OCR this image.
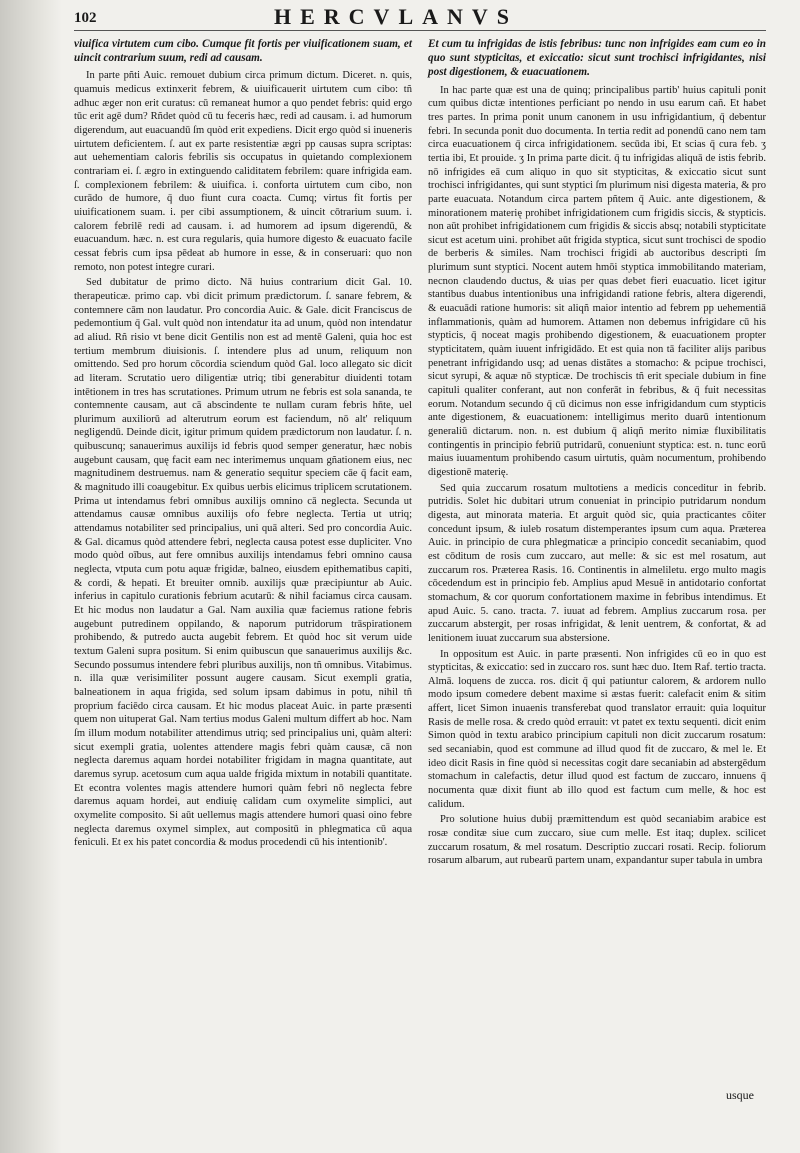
102	HERCVLANVS

viuifica virtutem cum cibo. Cumque fit fortis per viuificationem suam, et uincit contrarium suum, redi ad causam.

In parte pñti Auic. remouet dubium circa primum dictum. Diceret. n. quis, quamuis medicus extinxerit febrem, & uiuificauerit uirtutem cum cibo: tñ adhuc æger non erit curatus: cū remaneat humor a quo pendet febris: quid ergo tūc erit agē dum? Rñdet quòd cū tu feceris hæc, redi ad causam. i. ad humorum digerendum, aut euacuandū ſm quòd erit expediens. Dicit ergo quòd si inueneris uirtutem deficientem. ſ. aut ex parte resistentiæ ægri pp causas supra scriptas: aut uehementiam caloris febrilis sis occupatus in quietando complexionem contrariam ei. ſ. ægro in extinguendo caliditatem febrilem: quare infrigida eam. ſ. complexionem febrilem: & uiuifica. i. conforta uirtutem cum cibo, non curādo de humore, q̄ duo fiunt cura coacta. Cumq; virtus fit fortis per uiuificationem suam. i. per cibi assumptionem, & uincit cōtrarium suum. i. calorem febrilē redi ad causam. i. ad humorem ad ipsum digerendū, & euacuandum. hæc. n. est cura regularis, quia humore digesto & euacuato facile cessat febris cum ipsa pēdeat ab humore in esse, & in conseruari: quo non remoto, non potest integre curari.

Sed dubitatur de primo dicto. Nā huius contrarium dicit Gal. 10. therapeuticæ. primo cap. vbi dicit primum prædictorum. ſ. sanare febrem, & contemnere cām non laudatur. Pro concordia Auic. & Gale. dicit Franciscus de pedemontium q̄ Gal. vult quòd non intendatur ita ad unum, quòd non intendatur ad aliud. Rñ risio vt bene dicit Gentilis non est ad mentē Galeni, quia hoc est tertium membrum diuisionis. ſ. intendere plus ad unum, reliquum non omittendo. Sed pro horum cōcordia sciendum quòd Gal. loco allegato sic dicit ad literam. Scrutatio uero diligentiæ utriq; tibi generabitur diuidenti totam intētionem in tres has scrutationes. Primum utrum ne febris est sola sananda, te contemnente causam, aut cā abscindente te nullam curam febris hn̄te, uel plurimum auxiliorū ad alterutrum eorum est faciendum, nō alt' reliquum negligendū. Deinde dicit, igitur primum quidem prædictorum non laudatur. ſ. n. quibuscunq; sanauerimus auxilijs id febris quod semper generatur, hæc nobis augebunt causam, quę facit eam nec interimemus unquam gñationem eius, nec magnitudinem destruemus. nam & generatio sequitur speciem cāe q̄ facit eam, & magnitudo illi coaugebitur. Ex quibus uerbis elicimus triplicem scrutationem. Prima ut intendamus febri omnibus auxilijs omnino cā neglecta. Secunda ut attendamus causæ omnibus auxilijs ofo febre neglecta. Tertia ut utriq; attendamus notabiliter sed principalius, uni quā alteri. Sed pro concordia Auic. & Gal. dicamus quòd attendere febri, neglecta causa potest esse dupliciter. Vno modo quòd oībus, aut fere omnibus auxilijs intendamus febri omnino causa neglecta, vtputa cum potu aquæ frigidæ, balneo, eiusdem epithematibus capiti, & cordi, & hepati. Et breuiter omnib. auxilijs quæ præcipiuntur ab Auic. inferius in capitulo curationis febrium acutarū: & nihil faciamus circa causam. Et hic modus non laudatur a Gal. Nam auxilia quæ faciemus ratione febris augebunt putredinem oppilando, & naporum putridorum trāspirationem prohibendo, & putredo aucta augebit febrem. Et quòd hoc sit verum uide textum Galeni supra positum. Si enim quibuscun que sanauerimus auxilijs &c. Secundo possumus intendere febri pluribus auxilijs, non tñ omnibus. Vitabimus. n. illa quæ verisimiliter possunt augere causam. Sicut exempli gratia, balneationem in aqua frigida, sed solum ipsam dabimus in potu, nihil tñ proprium faciēdo circa causam. Et hic modus placeat Auic. in parte præsenti quem non uituperat Gal. Nam tertius modus Galeni multum differt ab hoc. Nam ſm illum modum notabiliter attendimus utriq; sed principalius uni, quàm alteri: sicut exempli gratia, uolentes attendere magis febri quàm causæ, cā non neglecta daremus aquam hordei notabiliter frigidam in magna quantitate, aut daremus syrup. acetosum cum aqua ualde frigida mixtum in notabili quantitate. Et econtra volentes magis attendere humori quàm febri nō neglecta febre daremus aquam hordei, aut endiuię calidam cum oxymelite simplici, aut oxymelite composito. Si aūt uellemus magis attendere humori quasi oino febre neglecta daremus oxymel simplex, aut compositū in phlegmatica cū aqua feniculi. Et ex his patet concordia & modus procedendi cū his intentionib'.

Et cum tu infrigidas de istis febribus: tunc non infrigides eam cum eo in quo sunt stypticitas, et exiccatio: sicut sunt trochisci infrigidantes, nisi post digestionem, & euacuationem.

In hac parte quæ est una de quinq; principalibus partib' huius capituli ponit cum quibus dictæ intentiones perficiant po nendo in usu earum cañ. Et habet tres partes. In prima ponit unum canonem in usu infrigidantium, q̄ debentur febri. In secunda ponit duo documenta. In tertia redit ad ponendū cano nem tam circa euacuationem q̄ circa infrigidationem. secūda ibi, Et scias q̄ cura feb. ʒ tertia ibi, Et prouide. ʒ In prima parte dicit. q̄ tu infrigidas aliquā de istis febrib. nō infrigides eā cum aliquo in quo sit stypticitas, & exiccatio sicut sunt trochisci infrigidantes, qui sunt styptici ſm plurimum nisi digesta materia, & pro parte euacuata. Notandum circa partem pñtem q̄ Auic. ante digestionem, & minorationem materię prohibet infrigidationem cum frigidis siccis, & stypticis. non aūt prohibet infrigidationem cum frigidis & siccis absq; notabili stypticitate sicut est acetum uini. prohibet aūt frigida styptica, sicut sunt trochisci de spodio de berberis & similes. Nam trochisci frigidi ab auctoribus descripti ſm plurimum sunt styptici. Nocent autem hmōi styptica immobilitando materiam, necnon claudendo ductus, & uias per quas debet fieri euacuatio. licet igitur stantibus duabus intentionibus una infrigidandi ratione febris, altera digerendi, & euacuādi ratione humoris: sit aliqñ maior intentio ad febrem pp uehementiā inflammationis, quàm ad humorem. Attamen non debemus infrigidare cū his stypticis, q̄ noceat magis prohibendo digestionem, & euacuationem propter stypticitatem, quàm iuuent infrigidādo. Et est quia non tā faciliter alijs paribus penetrant infrigidando usq; ad uenas distātes a stomacho: & pcipue trochisci, sicut syrupi, & aquæ nō stypticæ. De trochiscis tñ erit speciale dubium in fine capituli qualiter conferant, aut non conferāt in febribus, & q̄ fuit necessitas eorum. Notandum secundo q̄ cū dicimus non esse infrigidandum cum stypticis ante digestionem, & euacuationem: intelligimus merito duarū intentionum generaliū dictarum. non. n. est dubium q̄ aliqñ merito nimiæ fluxibilitatis contingentis in principio febriū putridarū, conueniunt styptica: est. n. tunc eorū maius iuuamentum prohibendo casum uirtutis, quàm nocumentum, prohibendo digestionē materię.

Sed quia zuccarum rosatum multotiens a medicis conceditur in febrib. putridis. Solet hic dubitari utrum conueniat in principio putridarum nondum digesta, aut minorata materia. Et arguit quòd sic, quia practicantes cōiter concedunt ipsum, & iuleb rosatum distemperantes ipsum cum aqua. Præterea Auic. in principio de cura phlegmaticæ a principio concedit secaniabim, quod est cōditum de rosis cum zuccaro, aut melle: & sic est mel rosatum, aut zuccarum ros. Præterea Rasis. 16. Continentis in almeliletu. ergo multo magis cōcedendum est in principio feb. Amplius apud Mesuē in antidotario confortat stomachum, & cor quorum confortationem maxime in febribus intendimus. Et apud Auic. 5. cano. tracta. 7. iuuat ad febrem. Amplius zuccarum rosa. per zuccarum abstergit, per rosas infrigidat, & lenit uentrem, & confortat, & ad lenitionem iuuat zuccarum sua abstersione.

In oppositum est Auic. in parte præsenti. Non infrigides cū eo in quo est stypticitas, & exiccatio: sed in zuccaro ros. sunt hæc duo. Item Raf. tertio tracta. Almā. loquens de zucca. ros. dicit q̄ qui patiuntur calorem, & ardorem nullo modo ipsum comedere debent maxime si æstas fuerit: calefacit enim & sitim affert, licet Simon inuaenis transferebat quod translator errauit: quia loquitur Rasis de melle rosa. & credo quòd errauit: vt patet ex textu sequenti. dicit enim Simon quòd in textu arabico principium capituli non dicit zuccarum rosatum: sed secaniabin, quod est commune ad illud quod fit de zuccaro, & mel le. Et ideo dicit Rasis in fine quòd si necessitas cogit dare secaniabin ad abstergēdum stomachum in calefactis, detur illud quod est factum de zuccaro, innuens q̄ nocumenta quæ dixit fiunt ab illo quod est factum cum melle, & hoc est calidum.

Pro solutione huius dubij præmittendum est quòd secaniabim arabice est rosæ conditæ siue cum zuccaro, siue cum melle. Est itaq; duplex. scilicet zuccarum rosatum, & mel rosatum. Descriptio zuccari rosati. Recip. foliorum rosarum albarum, aut rubearū partem unam, expandantur super tabula in umbra

usque
